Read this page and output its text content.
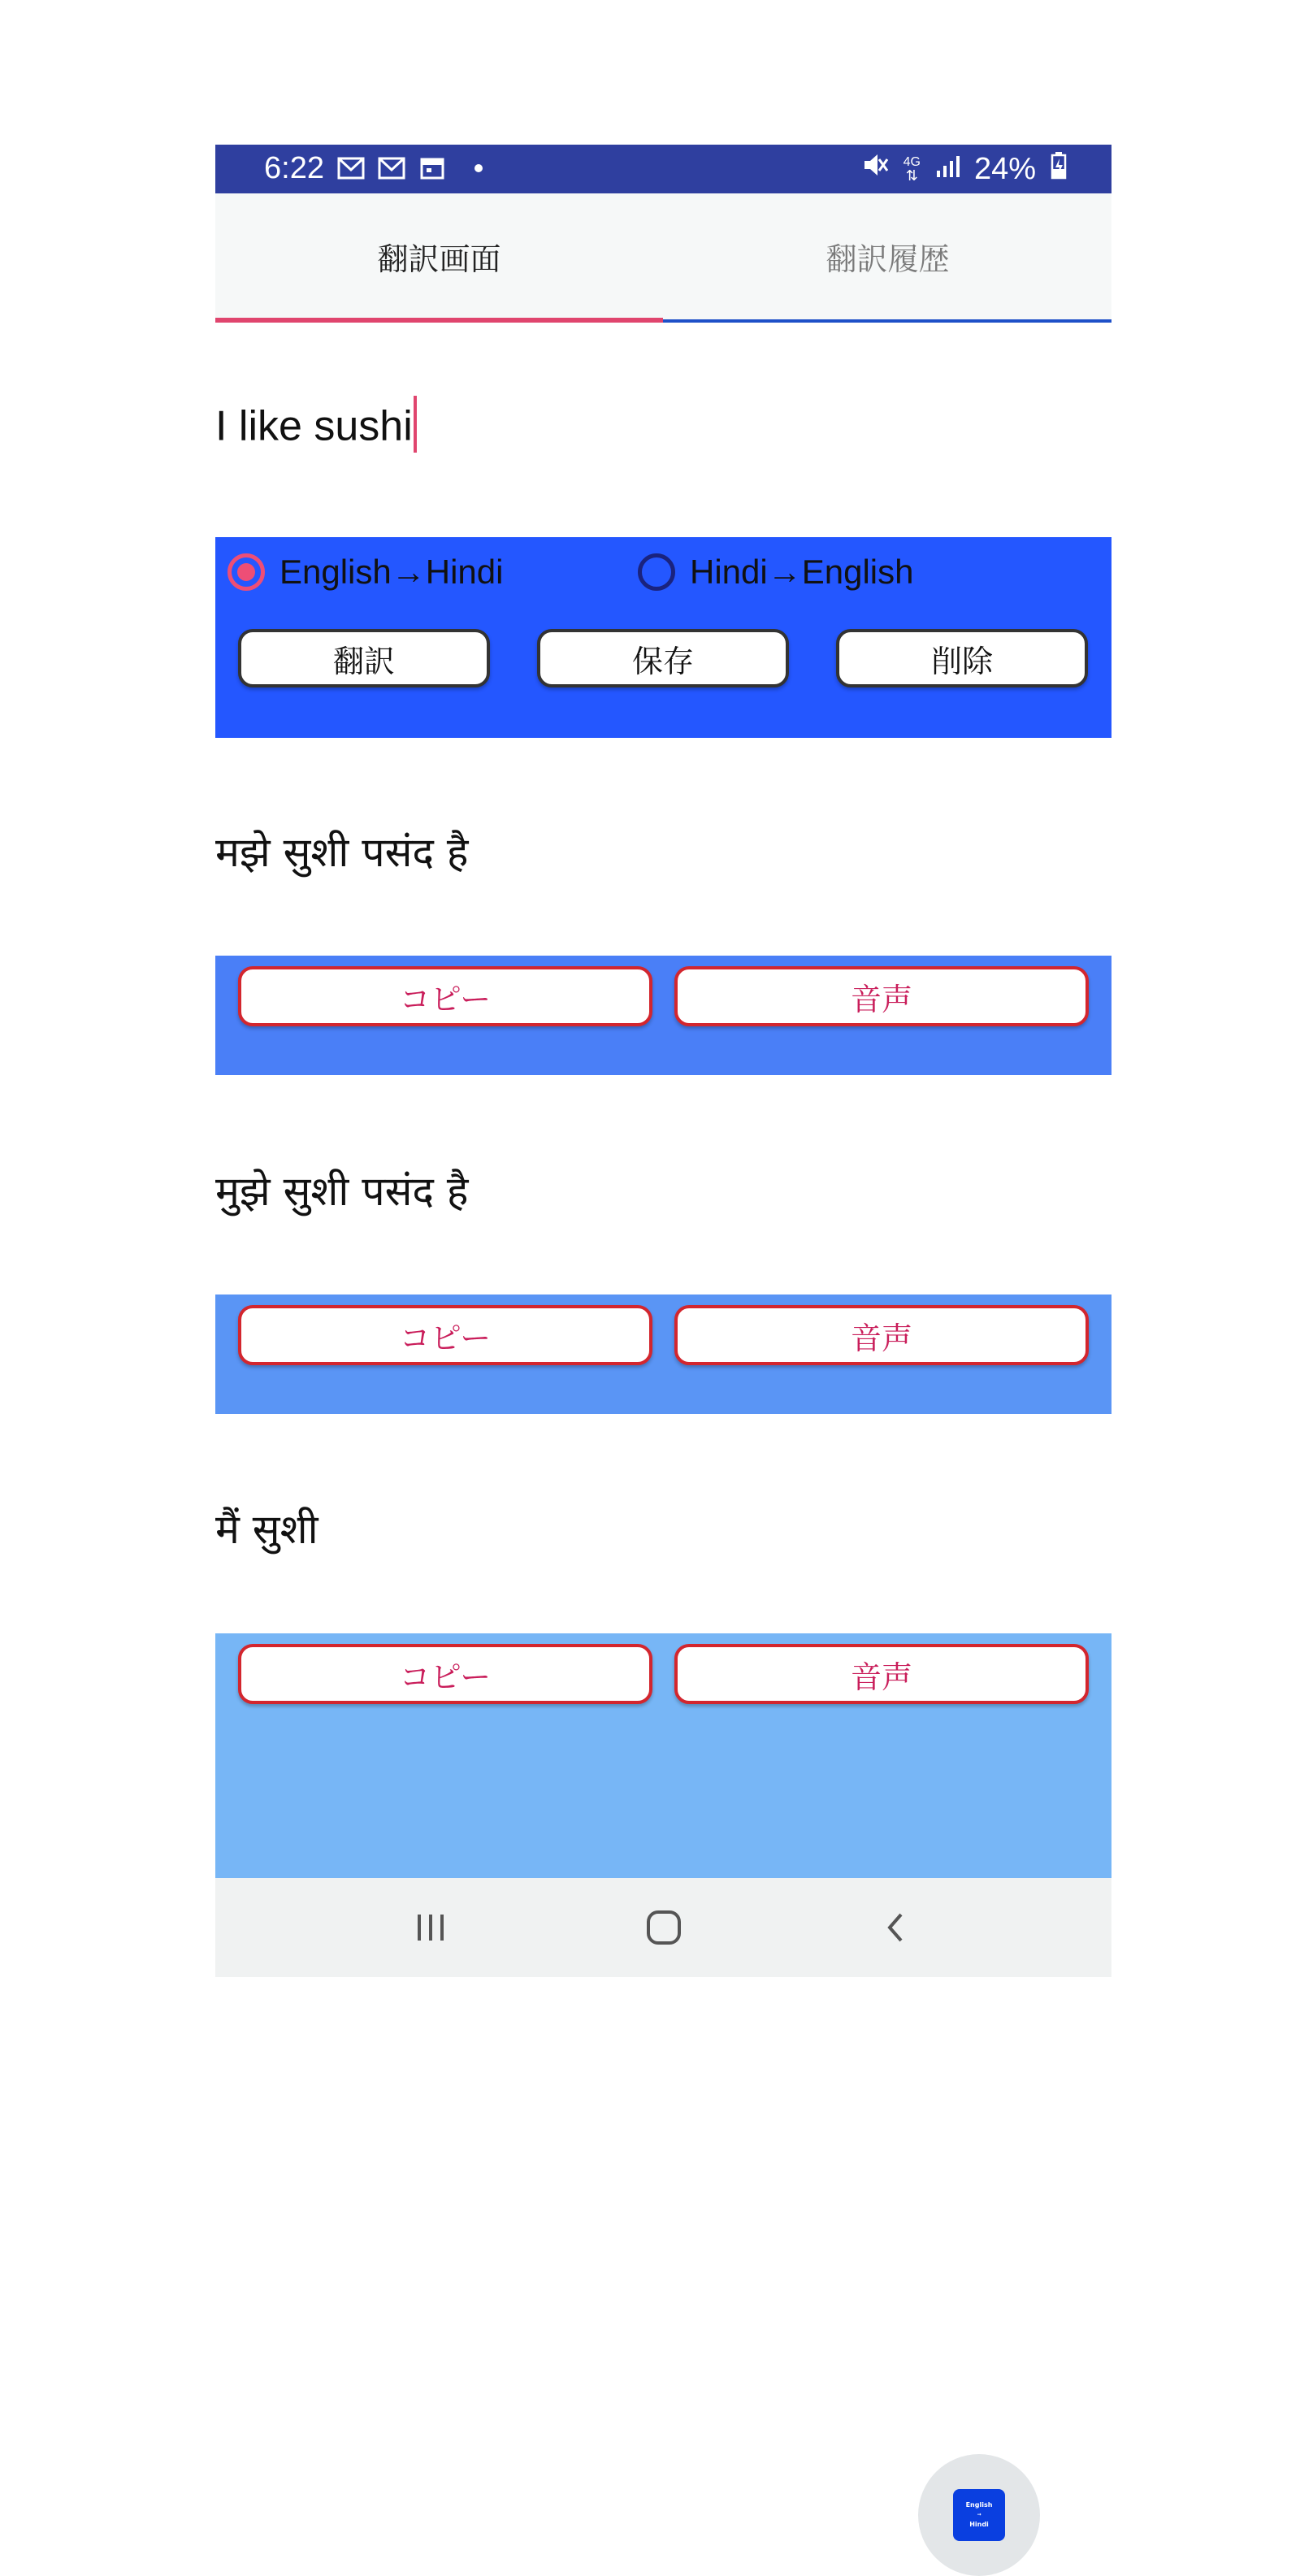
6:22	4G
⇅ 24%
翻訳画面	翻訳履歴
I like sushi
English→Hindi	Hindi→English
翻訳	保存	削除
मझे सुशी पसंद है
コピー	音声
मुझे सुशी पसंद है
コピー	音声
मैं सुशी
コピー	音声
English
→
Hindi
